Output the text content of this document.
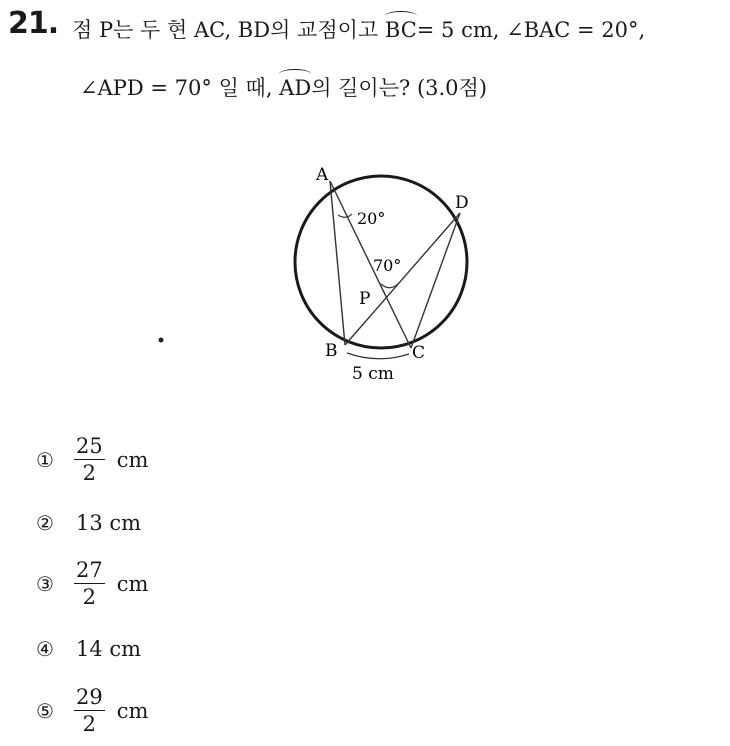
21. 점 P는 두 현 AC, BD의 교점이고 BC= 5 cm, ∠BAC = 20°,
∠APD = 70° 일 때, AD의 길이는? (3.0점)
A
D
B	C
P
20°
70°
5 cm
① $\frac{25}{2}$ cm
②	13 cm
③ $\frac{27}{2}$ cm
④	14 cm
⑤ $\frac{29}{2}$ cm
